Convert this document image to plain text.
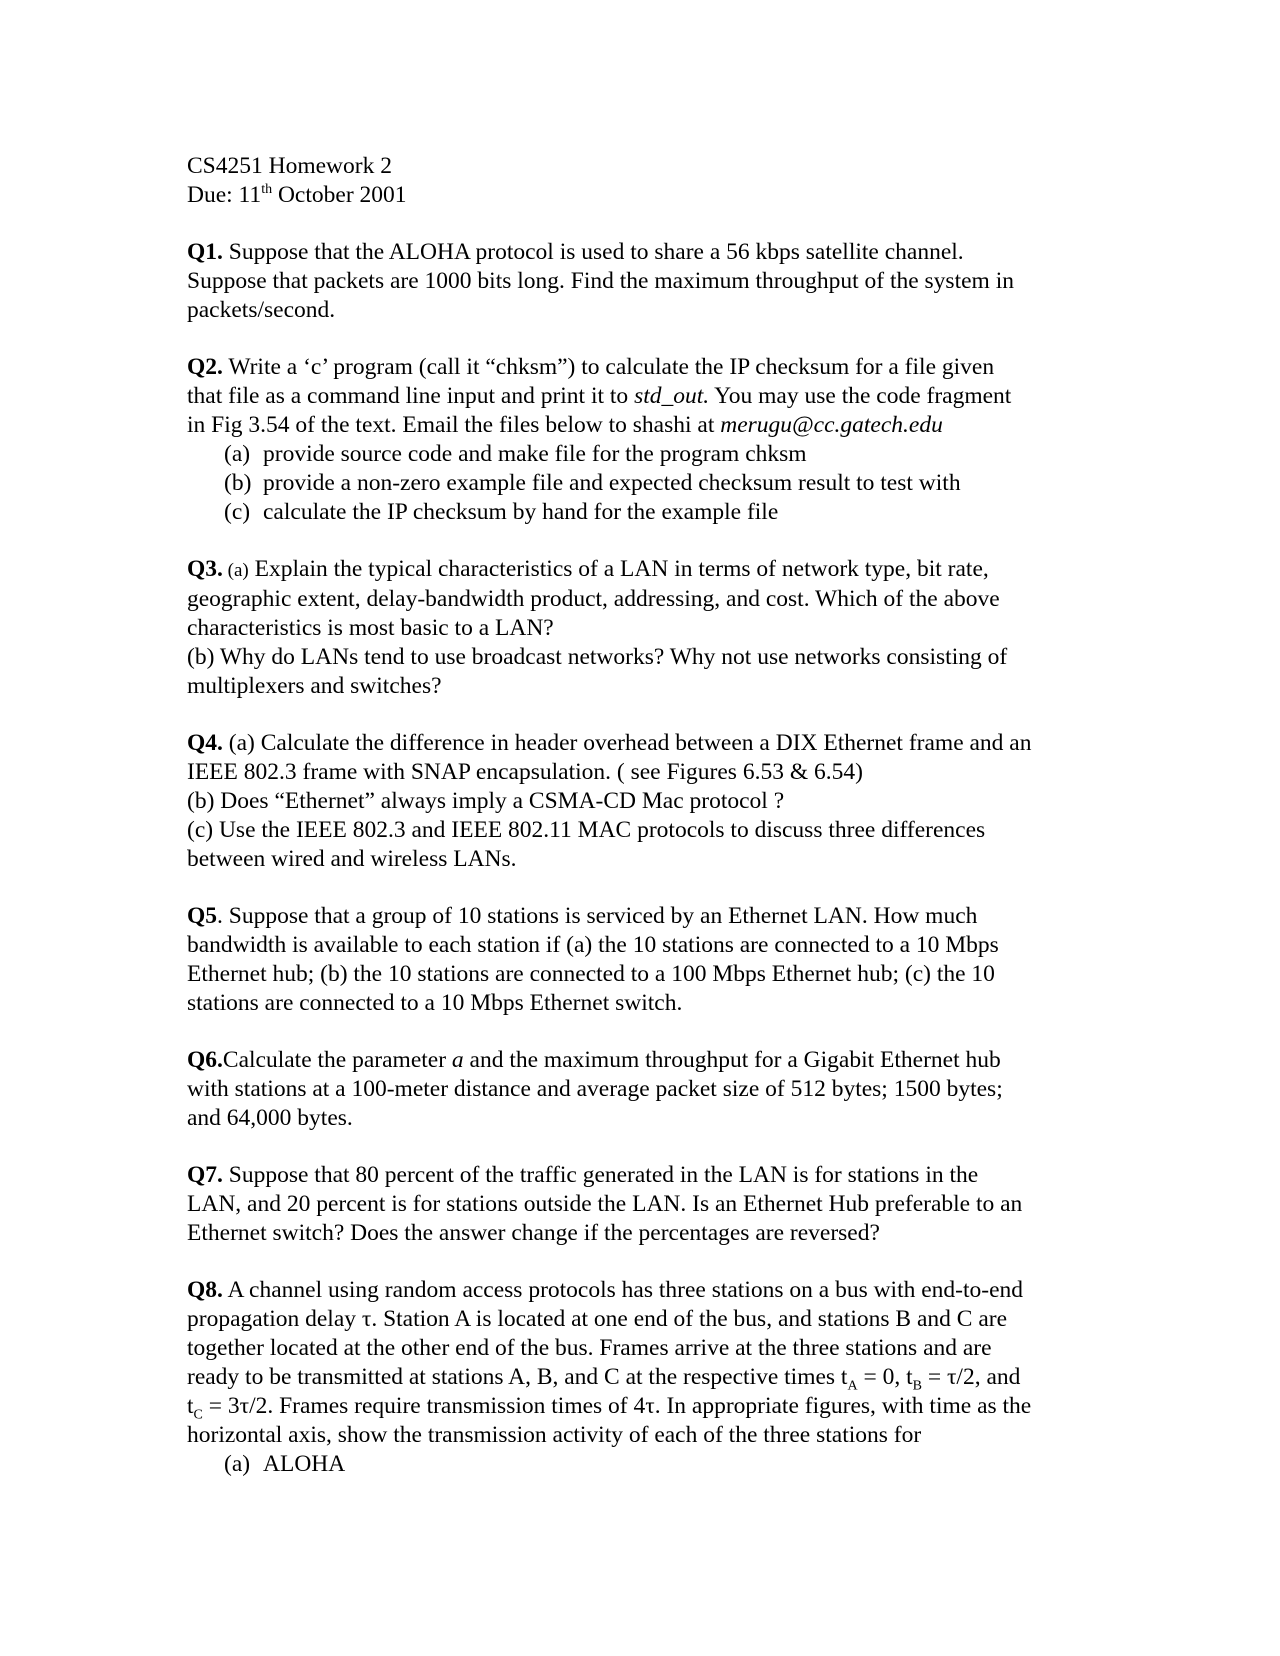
CS4251 Homework 2
Due: 11th October 2001
Q1. Suppose that the ALOHA protocol is used to share a 56 kbps satellite channel.
Suppose that packets are 1000 bits long. Find the maximum throughput of the system in
packets/second.
Q2. Write a ‘c’ program (call it “chksm”) to calculate the IP checksum for a file given
that file as a command line input and print it to std_out. You may use the code fragment
in Fig 3.54 of the text. Email the files below to shashi at merugu@cc.gatech.edu
(a) provide source code and make file for the program chksm
(b) provide a non-zero example file and expected checksum result to test with
(c) calculate the IP checksum by hand for the example file
Q3. (a) Explain the typical characteristics of a LAN in terms of network type, bit rate,
geographic extent, delay-bandwidth product, addressing, and cost. Which of the above
characteristics is most basic to a LAN?
(b) Why do LANs tend to use broadcast networks? Why not use networks consisting of
multiplexers and switches?
Q4. (a) Calculate the difference in header overhead between a DIX Ethernet frame and an
IEEE 802.3 frame with SNAP encapsulation. ( see Figures 6.53 & 6.54)
(b) Does “Ethernet” always imply a CSMA-CD Mac protocol ?
(c) Use the IEEE 802.3 and IEEE 802.11 MAC protocols to discuss three differences
between wired and wireless LANs.
Q5. Suppose that a group of 10 stations is serviced by an Ethernet LAN. How much
bandwidth is available to each station if (a) the 10 stations are connected to a 10 Mbps
Ethernet hub; (b) the 10 stations are connected to a 100 Mbps Ethernet hub; (c) the 10
stations are connected to a 10 Mbps Ethernet switch.
Q6.Calculate the parameter a and the maximum throughput for a Gigabit Ethernet hub
with stations at a 100-meter distance and average packet size of 512 bytes; 1500 bytes;
and 64,000 bytes.
Q7. Suppose that 80 percent of the traffic generated in the LAN is for stations in the
LAN, and 20 percent is for stations outside the LAN. Is an Ethernet Hub preferable to an
Ethernet switch? Does the answer change if the percentages are reversed?
Q8. A channel using random access protocols has three stations on a bus with end-to-end
propagation delay τ. Station A is located at one end of the bus, and stations B and C are
together located at the other end of the bus. Frames arrive at the three stations and are
ready to be transmitted at stations A, B, and C at the respective times $t_A = 0$, $t_B = \tau/2$, and
$t_C = 3\tau/2$. Frames require transmission times of 4τ. In appropriate figures, with time as the
horizontal axis, show the transmission activity of each of the three stations for
(a) ALOHA
